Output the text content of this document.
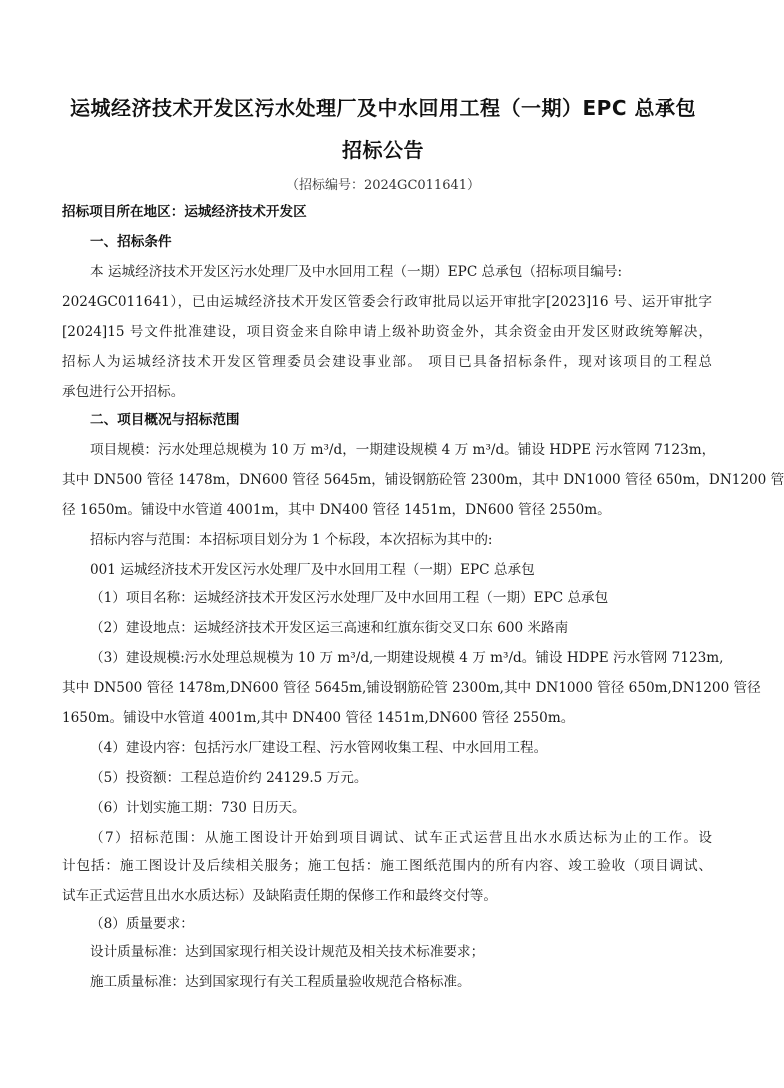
运城经济技术开发区污水处理厂及中水回用工程（一期）EPC 总承包
招标公告
（招标编号：2024GC011641）
招标项目所在地区：运城经济技术开发区
一、招标条件
本 运城经济技术开发区污水处理厂及中水回用工程（一期）EPC 总承包（招标项目编号:
2024GC011641），已由运城经济技术开发区管委会行政审批局以运开审批字[2023]16 号、运开审批字
[2024]15 号文件批准建设，项目资金来自除申请上级补助资金外，其余资金由开发区财政统筹解决，
招标人为运城经济技术开发区管理委员会建设事业部。 项目已具备招标条件，现对该项目的工程总
承包进行公开招标。
二、项目概况与招标范围
项目规模：污水处理总规模为 10 万 m³/d，一期建设规模 4 万 m³/d。铺设 HDPE 污水管网 7123m，
其中 DN500 管径 1478m，DN600 管径 5645m，铺设钢筋砼管 2300m，其中 DN1000 管径 650m，DN1200 管
径 1650m。铺设中水管道 4001m，其中 DN400 管径 1451m，DN600 管径 2550m。
招标内容与范围：本招标项目划分为 1 个标段，本次招标为其中的:
001 运城经济技术开发区污水处理厂及中水回用工程（一期）EPC 总承包
（1）项目名称：运城经济技术开发区污水处理厂及中水回用工程（一期）EPC 总承包
（2）建设地点：运城经济技术开发区运三高速和红旗东街交叉口东 600 米路南
（3）建设规模:污水处理总规模为 10 万 m³/d,一期建设规模 4 万 m³/d。铺设 HDPE 污水管网 7123m,
其中 DN500 管径 1478m,DN600 管径 5645m,铺设钢筋砼管 2300m,其中 DN1000 管径 650m,DN1200 管径
1650m。铺设中水管道 4001m,其中 DN400 管径 1451m,DN600 管径 2550m。
（4）建设内容：包括污水厂建设工程、污水管网收集工程、中水回用工程。
（5）投资额：工程总造价约 24129.5 万元。
（6）计划实施工期：730 日历天。
（7）招标范围：从施工图设计开始到项目调试、试车正式运营且出水水质达标为止的工作。设
计包括：施工图设计及后续相关服务；施工包括：施工图纸范围内的所有内容、竣工验收（项目调试、
试车正式运营且出水水质达标）及缺陷责任期的保修工作和最终交付等。
（8）质量要求：
设计质量标准：达到国家现行相关设计规范及相关技术标准要求；
施工质量标准：达到国家现行有关工程质量验收规范合格标准。
